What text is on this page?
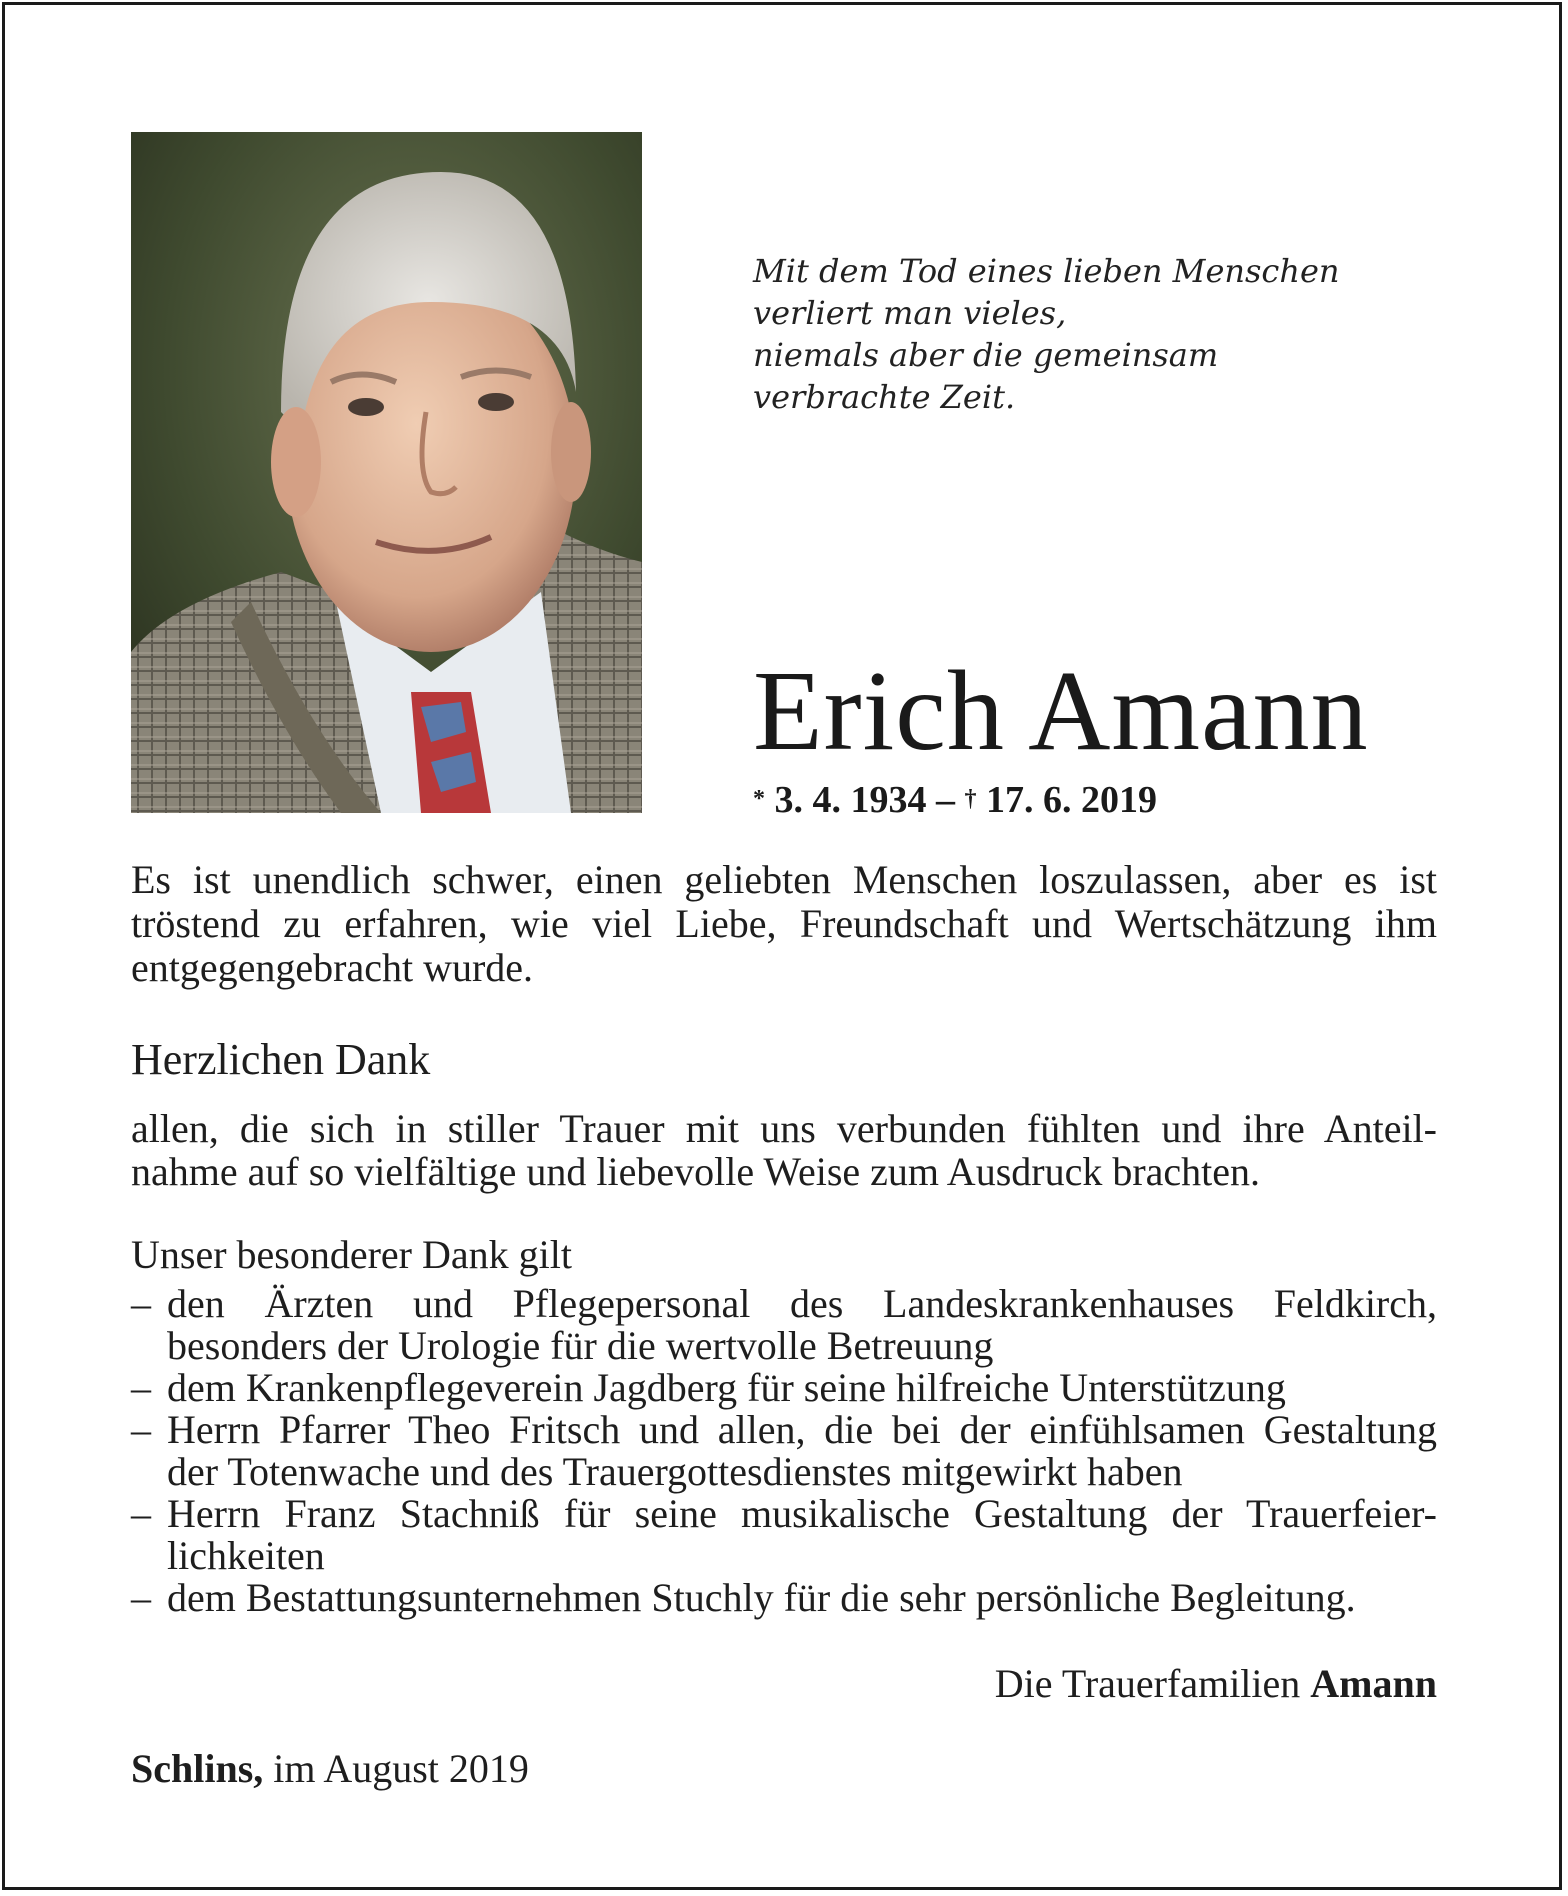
Mit dem Tod eines lieben Menschen
verliert man vieles,
niemals aber die gemeinsam
verbrachte Zeit.
Erich Amann
* 3. 4. 1934 – † 17. 6. 2019
Es ist unendlich schwer, einen geliebten Menschen loszulassen, aber es ist
tröstend zu erfahren, wie viel Liebe, Freundschaft und Wertschätzung ihm
entgegengebracht wurde.
Herzlichen Dank
allen, die sich in stiller Trauer mit uns verbunden fühlten und ihre Anteil-
nahme auf so vielfältige und liebevolle Weise zum Ausdruck brachten.
Unser besonderer Dank gilt
– den Ärzten und Pflegepersonal des Landeskrankenhauses Feldkirch,
besonders der Urologie für die wertvolle Betreuung
– dem Krankenpflegeverein Jagdberg für seine hilfreiche Unterstützung
– Herrn Pfarrer Theo Fritsch und allen, die bei der einfühlsamen Gestaltung
der Totenwache und des Trauergottesdienstes mitgewirkt haben
– Herrn Franz Stachniß für seine musikalische Gestaltung der Trauerfeier-
lichkeiten
– dem Bestattungsunternehmen Stuchly für die sehr persönliche Begleitung.
Die Trauerfamilien Amann
Schlins, im August 2019
